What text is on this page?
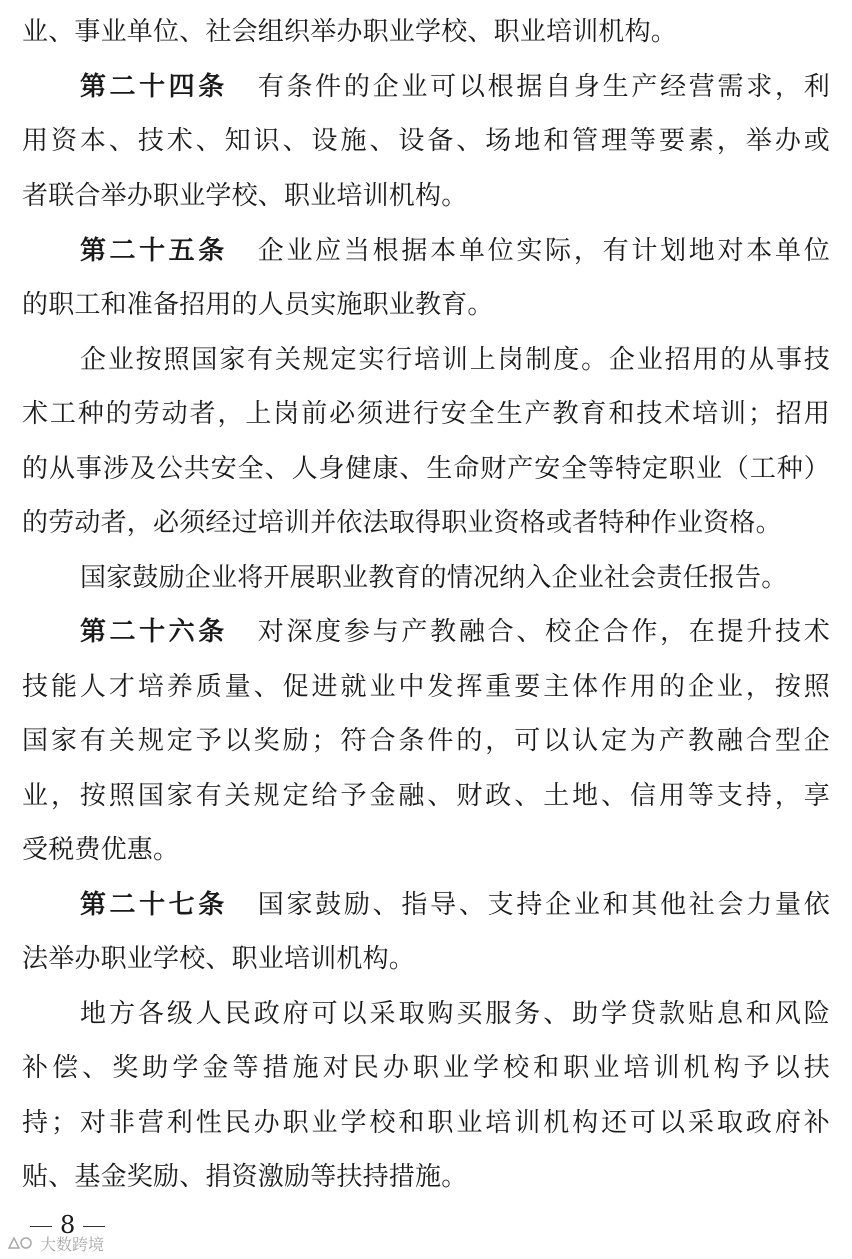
业、事业单位、社会组织举办职业学校、职业培训机构。
第二十四条 有条件的企业可以根据自身生产经营需求，利
用资本、技术、知识、设施、设备、场地和管理等要素，举办或
者联合举办职业学校、职业培训机构。
第二十五条 企业应当根据本单位实际，有计划地对本单位
的职工和准备招用的人员实施职业教育。
企业按照国家有关规定实行培训上岗制度。企业招用的从事技
术工种的劳动者，上岗前必须进行安全生产教育和技术培训；招用
的从事涉及公共安全、人身健康、生命财产安全等特定职业（工种）
的劳动者，必须经过培训并依法取得职业资格或者特种作业资格。
国家鼓励企业将开展职业教育的情况纳入企业社会责任报告。
第二十六条 对深度参与产教融合、校企合作，在提升技术
技能人才培养质量、促进就业中发挥重要主体作用的企业，按照
国家有关规定予以奖励；符合条件的，可以认定为产教融合型企
业，按照国家有关规定给予金融、财政、土地、信用等支持，享
受税费优惠。
第二十七条 国家鼓励、指导、支持企业和其他社会力量依
法举办职业学校、职业培训机构。
地方各级人民政府可以采取购买服务、助学贷款贴息和风险
补偿、奖助学金等措施对民办职业学校和职业培训机构予以扶
持；对非营利性民办职业学校和职业培训机构还可以采取政府补
贴、基金奖励、捐资激励等扶持措施。
8
大数跨境
